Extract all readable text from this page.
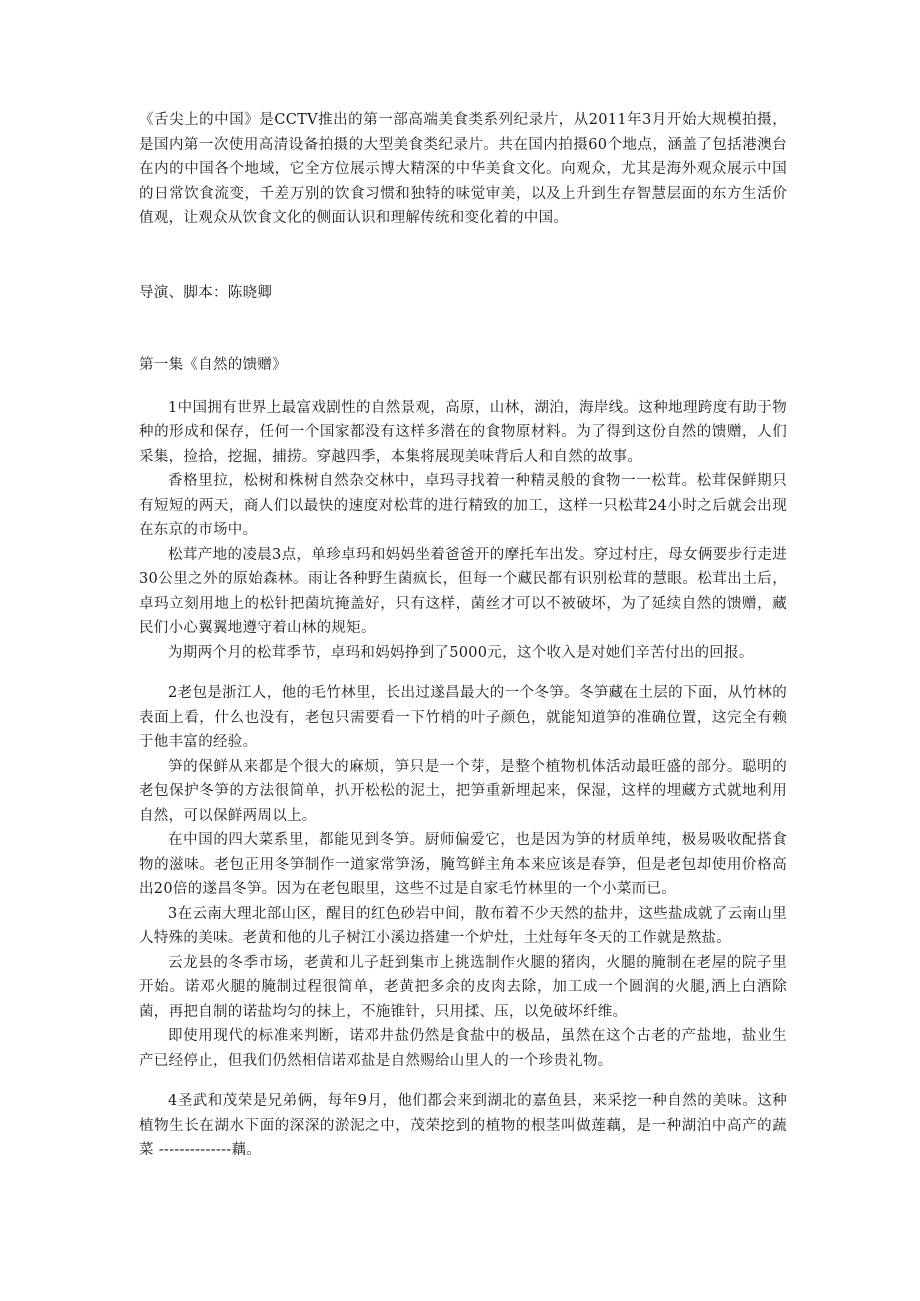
《舌尖上的中国》是CCTV推出的第一部高端美食类系列纪录片，从2011年3月开始大规模拍摄，是国内第一次使用高清设备拍摄的大型美食类纪录片。共在国内拍摄60个地点，涵盖了包括港澳台在内的中国各个地域，它全方位展示博大精深的中华美食文化。向观众，尤其是海外观众展示中国的日常饮食流变，千差万别的饮食习惯和独特的味觉审美，以及上升到生存智慧层面的东方生活价值观，让观众从饮食文化的侧面认识和理解传统和变化着的中国。

导演、脚本：陈晓卿

第一集《自然的馈赠》

1中国拥有世界上最富戏剧性的自然景观，高原，山林，湖泊，海岸线。这种地理跨度有助于物种的形成和保存，任何一个国家都没有这样多潜在的食物原材料。为了得到这份自然的馈赠，人们采集，捡拾，挖掘，捕捞。穿越四季，本集将展现美味背后人和自然的故事。

香格里拉，松树和株树自然杂交林中，卓玛寻找着一种精灵般的食物一一松茸。松茸保鲜期只有短短的两天，商人们以最快的速度对松茸的进行精致的加工，这样一只松茸24小时之后就会出现在东京的市场中。

松茸产地的凌晨3点，单珍卓玛和妈妈坐着爸爸开的摩托车出发。穿过村庄，母女俩要步行走进30公里之外的原始森林。雨让各种野生菌疯长，但每一个藏民都有识别松茸的慧眼。松茸出土后，卓玛立刻用地上的松针把菌坑掩盖好，只有这样，菌丝才可以不被破坏，为了延续自然的馈赠，藏民们小心翼翼地遵守着山林的规矩。

为期两个月的松茸季节，卓玛和妈妈挣到了5000元，这个收入是对她们辛苦付出的回报。

2老包是浙江人，他的毛竹林里，长出过遂昌最大的一个冬笋。冬笋藏在土层的下面，从竹林的表面上看，什么也没有，老包只需要看一下竹梢的叶子颜色，就能知道笋的准确位置，这完全有赖于他丰富的经验。

笋的保鲜从来都是个很大的麻烦，笋只是一个芽，是整个植物机体活动最旺盛的部分。聪明的老包保护冬笋的方法很简单，扒开松松的泥土，把笋重新埋起来，保湿，这样的埋藏方式就地利用自然，可以保鲜两周以上。

在中国的四大菜系里，都能见到冬笋。厨师偏爱它，也是因为笋的材质单纯，极易吸收配搭食物的滋味。老包正用冬笋制作一道家常笋汤，腌笃鲜主角本来应该是春笋，但是老包却使用价格高出20倍的遂昌冬笋。因为在老包眼里，这些不过是自家毛竹林里的一个小菜而已。

3在云南大理北部山区，醒目的红色砂岩中间，散布着不少天然的盐井，这些盐成就了云南山里人特殊的美味。老黄和他的儿子树江小溪边搭建一个炉灶，土灶每年冬天的工作就是熬盐。

云龙县的冬季市场，老黄和儿子赶到集市上挑选制作火腿的猪肉，火腿的腌制在老屋的院子里开始。诺邓火腿的腌制过程很简单，老黄把多余的皮肉去除，加工成一个圆润的火腿,洒上白酒除菌，再把自制的诺盐均匀的抹上，不施锥针，只用揉、压，以免破坏纤维。

即使用现代的标准来判断，诺邓井盐仍然是食盐中的极品，虽然在这个古老的产盐地，盐业生产已经停止，但我们仍然相信诺邓盐是自然赐给山里人的一个珍贵礼物。

4圣武和茂荣是兄弟俩，每年9月，他们都会来到湖北的嘉鱼县，来采挖一种自然的美味。这种植物生长在湖水下面的深深的淤泥之中，茂荣挖到的植物的根茎叫做莲藕，是一种湖泊中高产的蔬菜 --------------藕。
